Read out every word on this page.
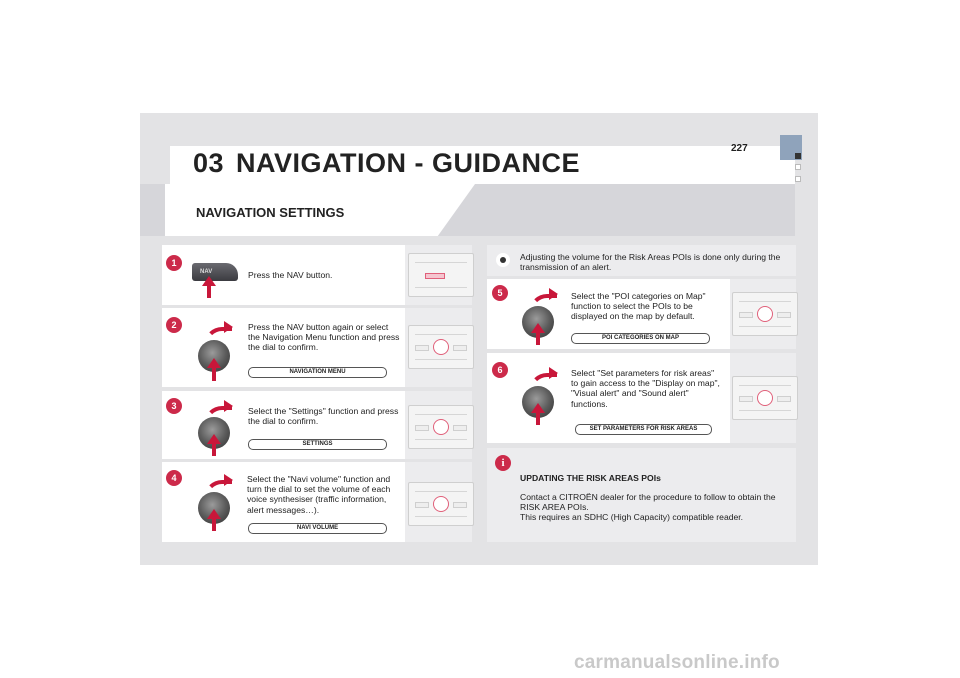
227
03 NAVIGATION - GUIDANCE
NAVIGATION SETTINGS
1
NAV	Press the NAV button.
2	Press the NAV button again or select the Navigation Menu function and press the dial to confirm.
NAVIGATION MENU
3	Select the "Settings" function and press the dial to confirm.
SETTINGS
4	Select the "Navi volume" function and turn the dial to set the volume of each voice synthesiser (traffic information, alert messages…).
NAVI VOLUME
Adjusting the volume for the Risk Areas POIs is done only during the transmission of an alert.
5	Select the "POI categories on Map" function to select the POIs to be displayed on the map by default.
POI CATEGORIES ON MAP
6	Select "Set parameters for risk areas" to gain access to the "Display on map", "Visual alert" and "Sound alert" functions.
SET PARAMETERS FOR RISK AREAS
i
UPDATING THE RISK AREAS POIs
Contact a CITROËN dealer for the procedure to follow to obtain the RISK AREA POIs.
This requires an SDHC (High Capacity) compatible reader.
carmanualsonline.info
